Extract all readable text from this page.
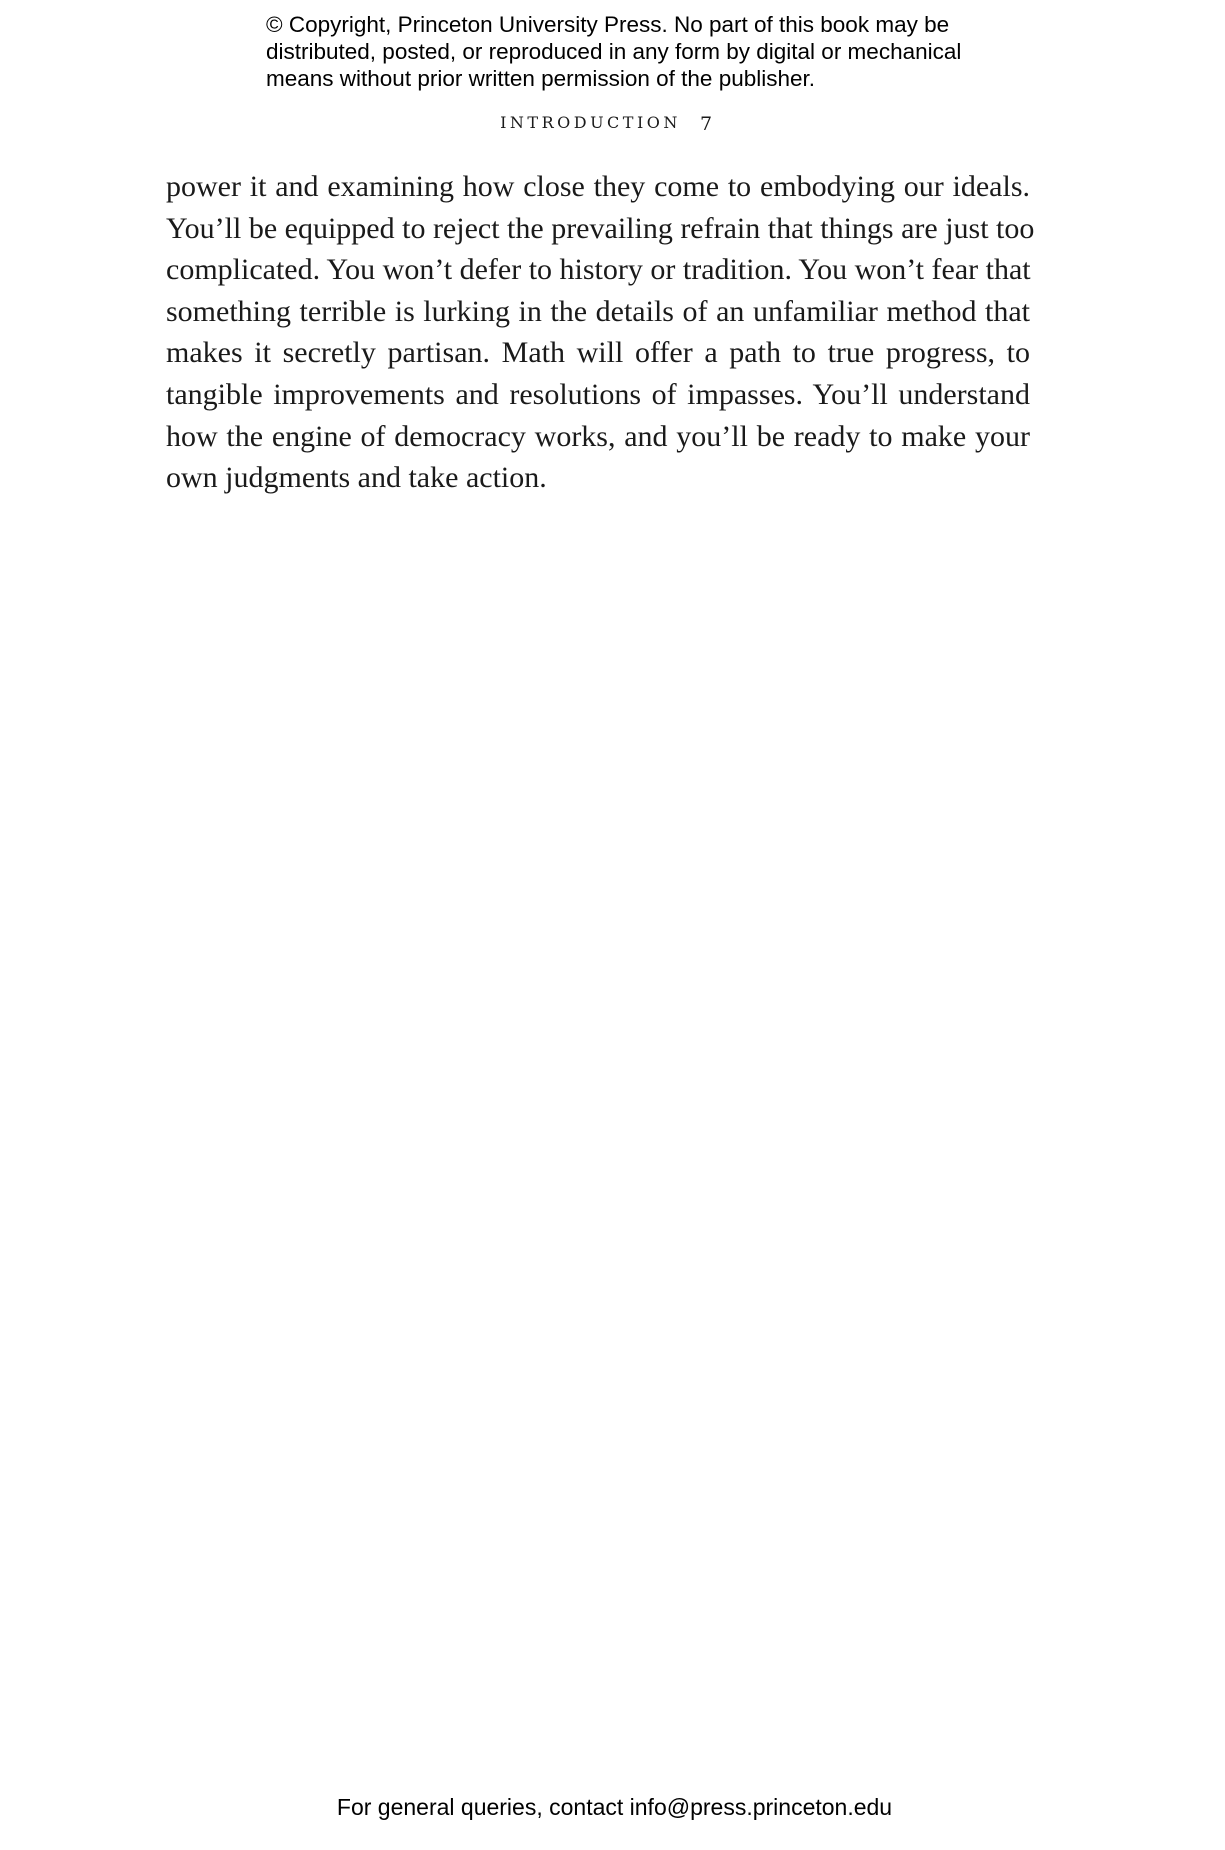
© Copyright, Princeton University Press. No part of this book may be
distributed, posted, or reproduced in any form by digital or mechanical
means without prior written permission of the publisher.
INTRODUCTION 7
power it and examining how close they come to embodying our ideals.
You’ll be equipped to reject the prevailing refrain that things are just too
complicated. You won’t defer to history or tradition. You won’t fear that
something terrible is lurking in the details of an unfamiliar method that
makes it secretly partisan. Math will offer a path to true progress, to
tangible improvements and resolutions of impasses. You’ll understand
how the engine of democracy works, and you’ll be ready to make your
own judgments and take action.
For general queries, contact info@press.princeton.edu
